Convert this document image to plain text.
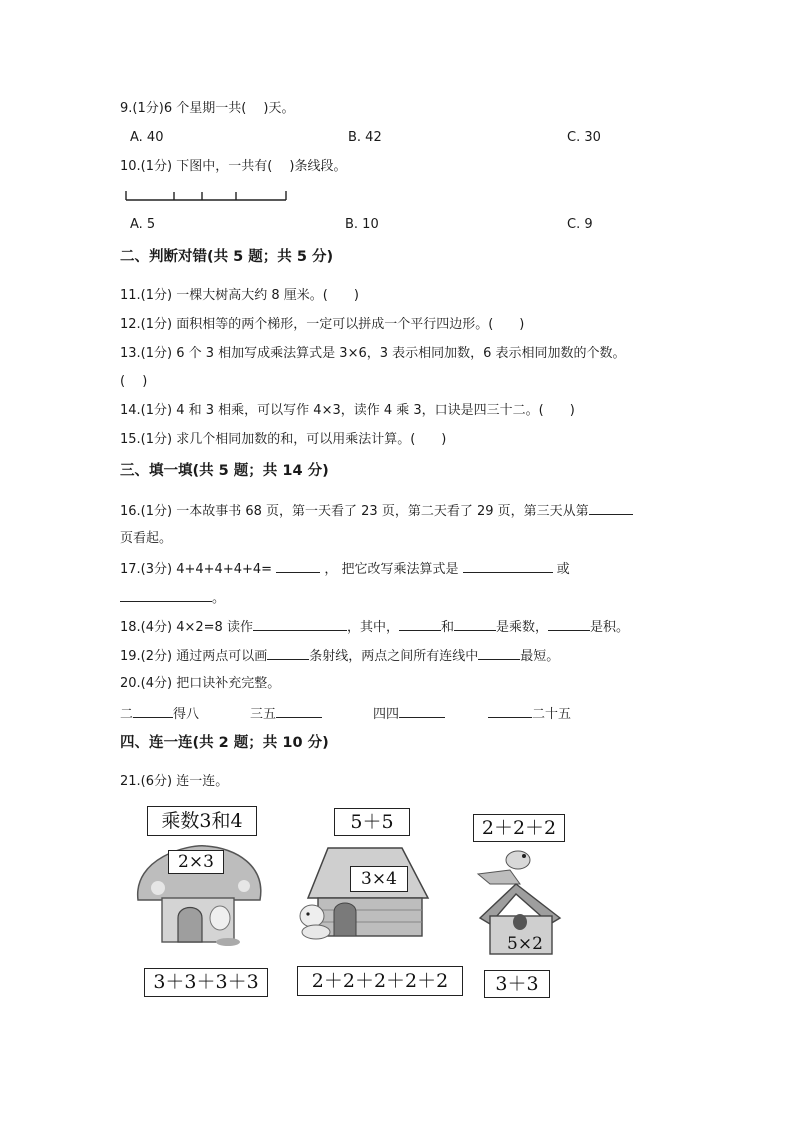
9.(1分)6 个星期一共(　 )天。
A. 40	B. 42	C. 30
10.(1分) 下图中，一共有(　 )条线段。
A. 5	B. 10	C. 9
二、判断对错(共 5 题；共 5 分)
11.(1分) 一棵大树高大约 8 厘米。(　　)
12.(1分) 面积相等的两个梯形，一定可以拼成一个平行四边形。(　　)
13.(1分) 6 个 3 相加写成乘法算式是 3×6，3 表示相同加数，6 表示相同加数的个数。
(　 )
14.(1分) 4 和 3 相乘，可以写作 4×3，读作 4 乘 3，口诀是四三十二。(　　)
15.(1分) 求几个相同加数的和，可以用乘法计算。(　　)
三、填一填(共 5 题；共 14 分)
16.(1分) 一本故事书 68 页，第一天看了 23 页，第二天看了 29 页，第三天从第
页看起。
17.(3分) 4+4+4+4+4=	， 把它改写乘法算式是	或
。
18.(4分) 4×2=8 读作	，其中，	和	是乘数，	是积。
19.(2分) 通过两点可以画	条射线，两点之间所有连线中	最短。
20.(4分) 把口诀补充完整。
二	得八	三五	四四	二十五
四、连一连(共 2 题；共 10 分)
21.(6分) 连一连。
乘数3和4	5＋5	2＋2＋2
2×3
3×4
5×2
3＋3＋3＋3	2＋2＋2＋2＋2	3＋3
